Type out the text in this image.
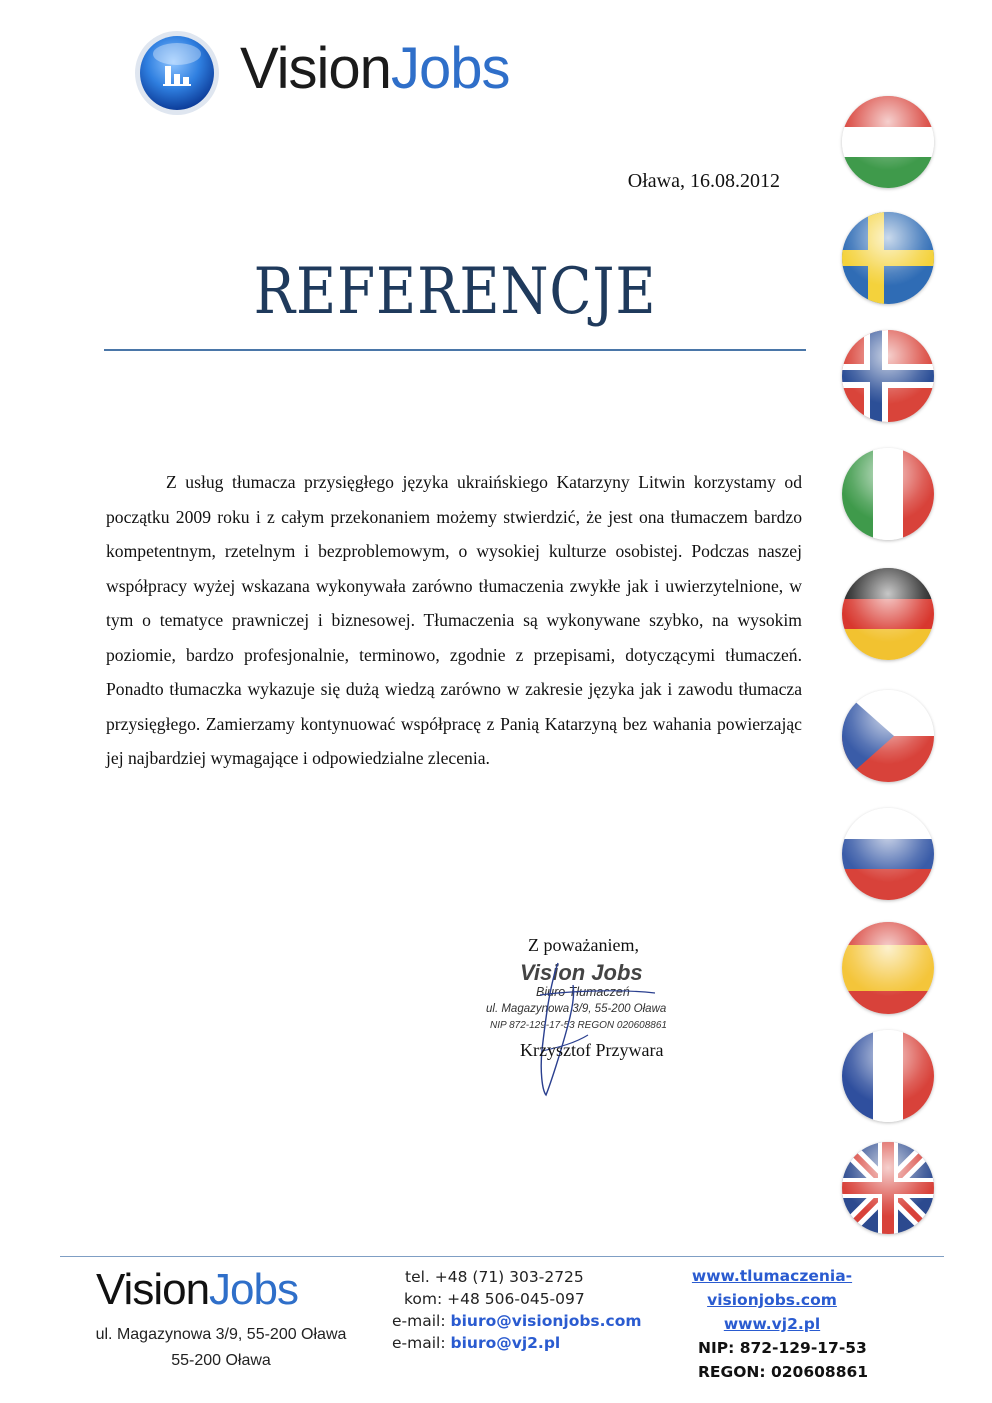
VisionJobs
Oława, 16.08.2012
REFERENCJE
Z usług tłumacza przysięgłego języka ukraińskiego Katarzyny Litwin korzystamy od początku 2009 roku i z całym przekonaniem możemy stwierdzić, że jest ona tłumaczem bardzo kompetentnym, rzetelnym i bezproblemowym, o wysokiej kulturze osobistej. Podczas naszej współpracy wyżej wskazana wykonywała zarówno tłumaczenia zwykłe jak i uwierzytelnione, w tym o tematyce prawniczej i biznesowej. Tłumaczenia są wykonywane szybko, na wysokim poziomie, bardzo profesjonalnie, terminowo, zgodnie z przepisami, dotyczącymi tłumaczeń. Ponadto tłumaczka wykazuje się dużą wiedzą zarówno w zakresie języka jak i zawodu tłumacza przysięgłego. Zamierzamy kontynuować współpracę z Panią Katarzyną bez wahania powierzając jej najbardziej wymagające i odpowiedzialne zlecenia.
Z poważaniem,
Vision Jobs
Biuro Tłumaczeń
ul. Magazynowa 3/9, 55-200 Oława
NIP 872-129-17-53 REGON 020608861
Krzysztof Przywara
VisionJobs
ul. Magazynowa 3/9, 55-200 Oława
55-200 Oława
tel. +48 (71) 303-2725
kom: +48 506-045-097
e-mail: biuro@visionjobs.com
e-mail: biuro@vj2.pl
www.tlumaczenia-visionjobs.com
www.vj2.pl
NIP: 872-129-17-53
REGON: 020608861
